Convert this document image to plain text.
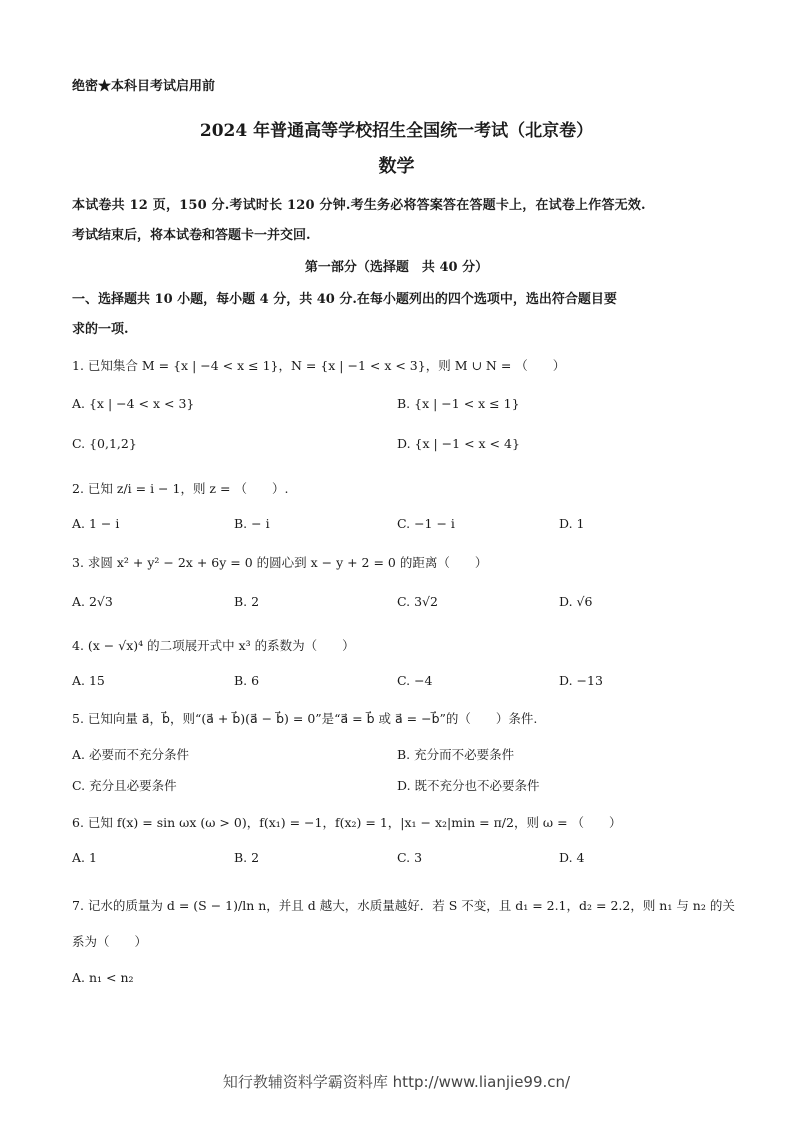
绝密★本科目考试启用前
2024 年普通高等学校招生全国统一考试（北京卷）
数学
本试卷共 12 页，150 分.考试时长 120 分钟.考生务必将答案答在答题卡上，在试卷上作答无效.
考试结束后，将本试卷和答题卡一并交回.
第一部分（选择题　共 40 分）
一、选择题共 10 小题，每小题 4 分，共 40 分.在每小题列出的四个选项中，选出符合题目要
求的一项.
1. 已知集合 M = {x | −4 < x ≤ 1}，N = {x | −1 < x < 3}，则 M ∪ N = （　　）
A. {x | −4 < x < 3}	B. {x | −1 < x ≤ 1}
C. {0,1,2}	D. {x | −1 < x < 4}
2. 已知 z/i = i − 1，则 z = （　　）.
A. 1 − i	B. − i	C. −1 − i	D. 1
3. 求圆 x² + y² − 2x + 6y = 0 的圆心到 x − y + 2 = 0 的距离（　　）
A. 2√3	B. 2	C. 3√2	D. √6
4. (x − √x)⁴ 的二项展开式中 x³ 的系数为（　　）
A. 15	B. 6	C. −4	D. −13
5. 已知向量 a⃗，b⃗，则“(a⃗ + b⃗)(a⃗ − b⃗) = 0”是“a⃗ = b⃗ 或 a⃗ = −b⃗”的（　　）条件.
A. 必要而不充分条件	B. 充分而不必要条件
C. 充分且必要条件	D. 既不充分也不必要条件
6. 已知 f(x) = sin ωx (ω > 0)，f(x₁) = −1，f(x₂) = 1，|x₁ − x₂|min = π/2，则 ω = （　　）
A. 1	B. 2	C. 3	D. 4
7. 记水的质量为 d = (S − 1)/ln n，并且 d 越大，水质量越好．若 S 不变，且 d₁ = 2.1，d₂ = 2.2，则 n₁ 与 n₂ 的关
系为（　　）
A. n₁ < n₂
知行教辅资料学霸资料库 http://www.lianjie99.cn/
